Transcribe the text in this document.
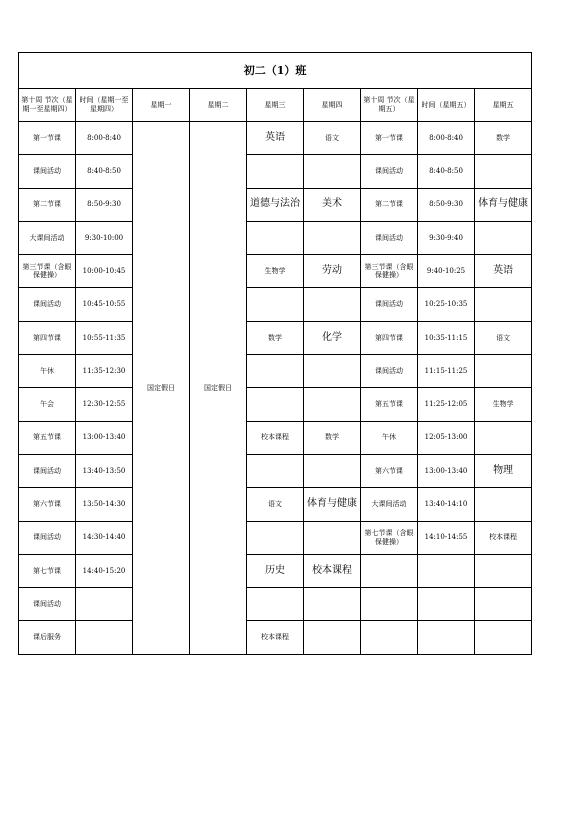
初二（1）班								
第十周 节次（星期一至星期四）	时间（星期一至星期四）	星期一	星期二	星期三	星期四	第十周 节次（星期五）	时间（星期五）	星期五
第一节课	8:00-8:40	国定假日	国定假日	英语	语文	第一节课	8:00-8:40	数学
课间活动	8:40-8:50					课间活动	8:40-8:50	
第二节课	8:50-9:30			道德与法治	美术	第二节课	8:50-9:30	体育与健康
大课间活动	9:30-10:00					课间活动	9:30-9:40	
第三节课（含眼保健操）	10:00-10:45			生物学	劳动	第三节课（含眼保健操）	9:40-10:25	英语
课间活动	10:45-10:55					课间活动	10:25-10:35	
第四节课	10:55-11:35			数学	化学	第四节课	10:35-11:15	语文
午休	11:35-12:30					课间活动	11:15-11:25	
午会	12:30-12:55					第五节课	11:25-12:05	生物学
第五节课	13:00-13:40			校本课程	数学	午休	12:05-13:00	
课间活动	13:40-13:50					第六节课	13:00-13:40	物理
第六节课	13:50-14:30			语文	体育与健康	大课间活动	13:40-14:10	
课间活动	14:30-14:40					第七节课（含眼保健操）	14:10-14:55	校本课程
第七节课	14:40-15:20			历史	校本课程			
课间活动								
课后服务				校本课程				
